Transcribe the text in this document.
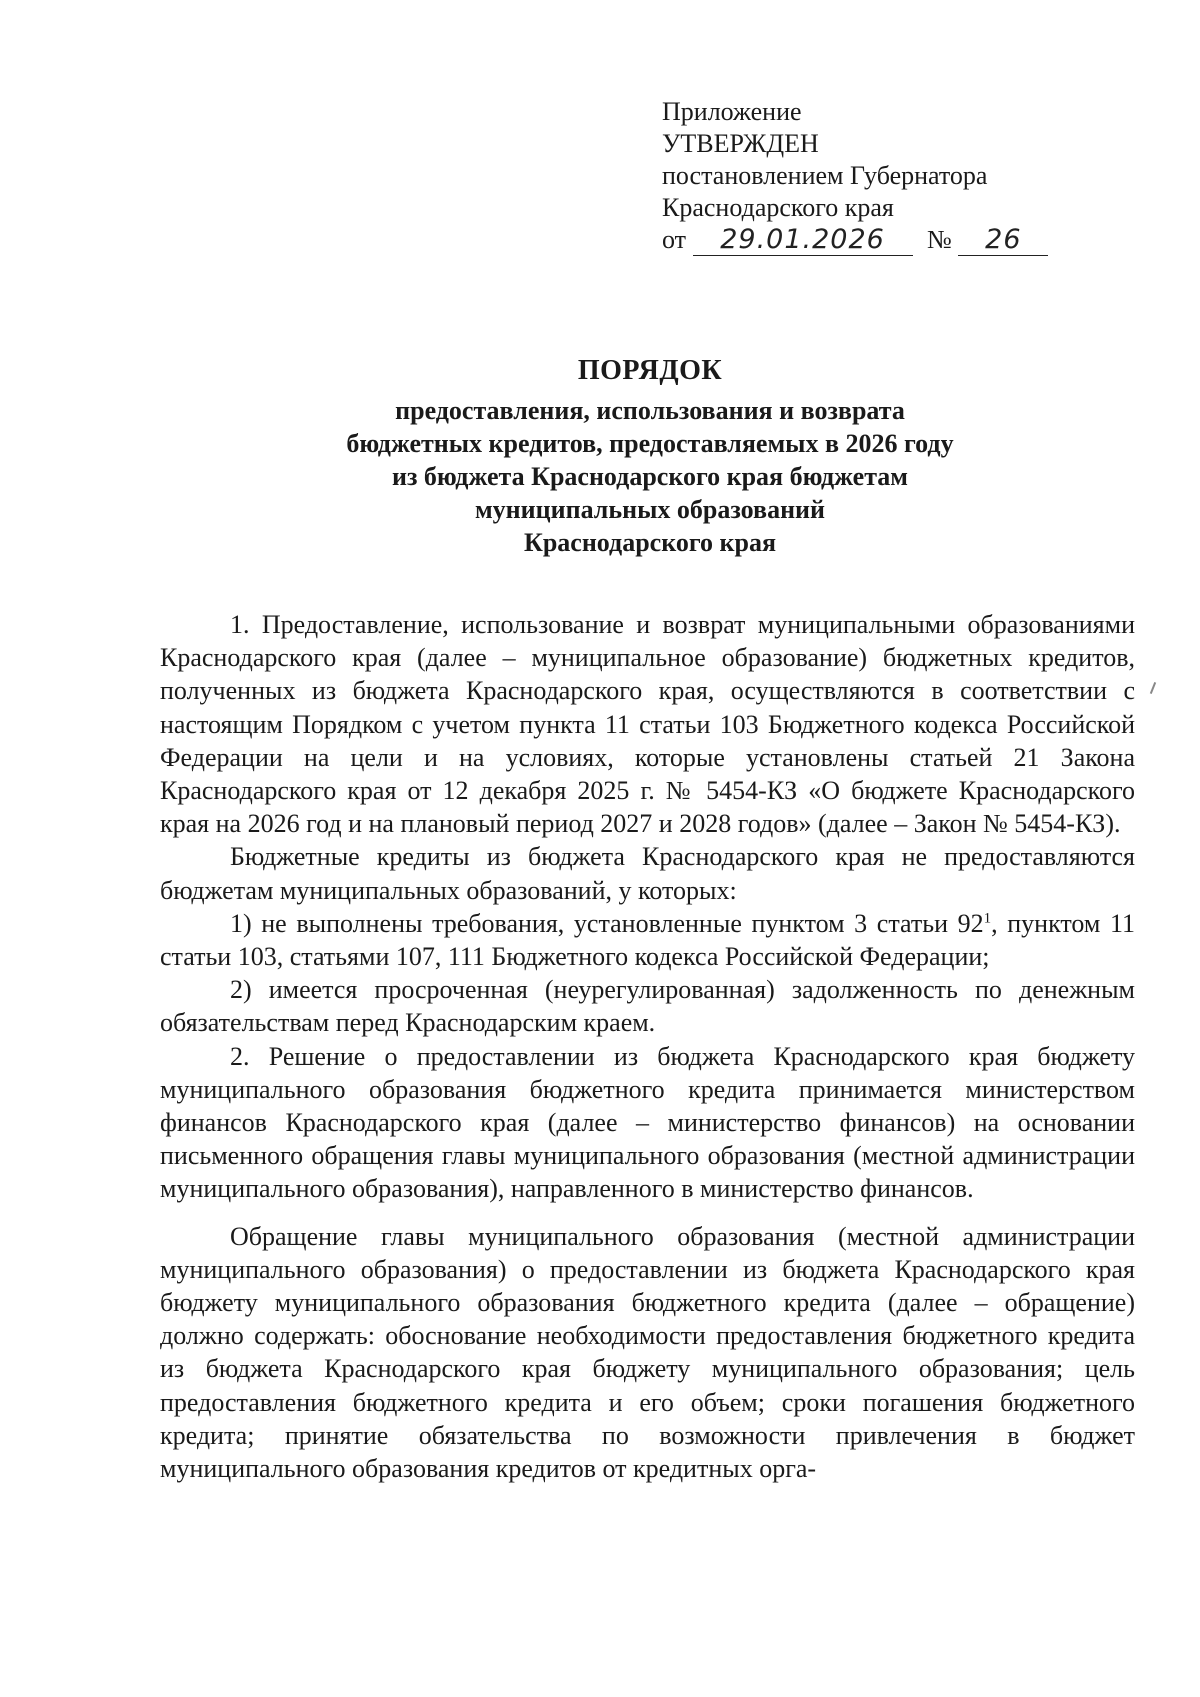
Приложение

УТВЕРЖДЕН

постановлением Губернатора

Краснодарского края

от 29.01.2026 № 26

ПОРЯДОК

предоставления, использования и возврата

бюджетных кредитов, предоставляемых в 2026 году

из бюджета Краснодарского края бюджетам

муниципальных образований

Краснодарского края

1. Предоставление, использование и возврат муниципальными образованиями Краснодарского края (далее – муниципальное образование) бюджетных кредитов, полученных из бюджета Краснодарского края, осуществляются в соответствии с настоящим Порядком с учетом пункта 11 статьи 103 Бюджетного кодекса Российской Федерации на цели и на условиях, которые установлены статьей 21 Закона Краснодарского края от 12 декабря 2025 г. № 5454-КЗ «О бюджете Краснодарского края на 2026 год и на плановый период 2027 и 2028 годов» (далее – Закон № 5454-КЗ).

Бюджетные кредиты из бюджета Краснодарского края не предоставляются бюджетам муниципальных образований, у которых:

1) не выполнены требования, установленные пунктом 3 статьи $92^1$, пунктом 11 статьи 103, статьями 107, 111 Бюджетного кодекса Российской Федерации;

2) имеется просроченная (неурегулированная) задолженность по денежным обязательствам перед Краснодарским краем.

2. Решение о предоставлении из бюджета Краснодарского края бюджету муниципального образования бюджетного кредита принимается министерством финансов Краснодарского края (далее – министерство финансов) на основании письменного обращения главы муниципального образования (местной администрации муниципального образования), направленного в министерство финансов.

Обращение главы муниципального образования (местной администрации муниципального образования) о предоставлении из бюджета Краснодарского края бюджету муниципального образования бюджетного кредита (далее – обращение) должно содержать: обоснование необходимости предоставления бюджетного кредита из бюджета Краснодарского края бюджету муниципального образования; цель предоставления бюджетного кредита и его объем; сроки погашения бюджетного кредита; принятие обязательства по возможности привлечения в бюджет муниципального образования кредитов от кредитных орга-
